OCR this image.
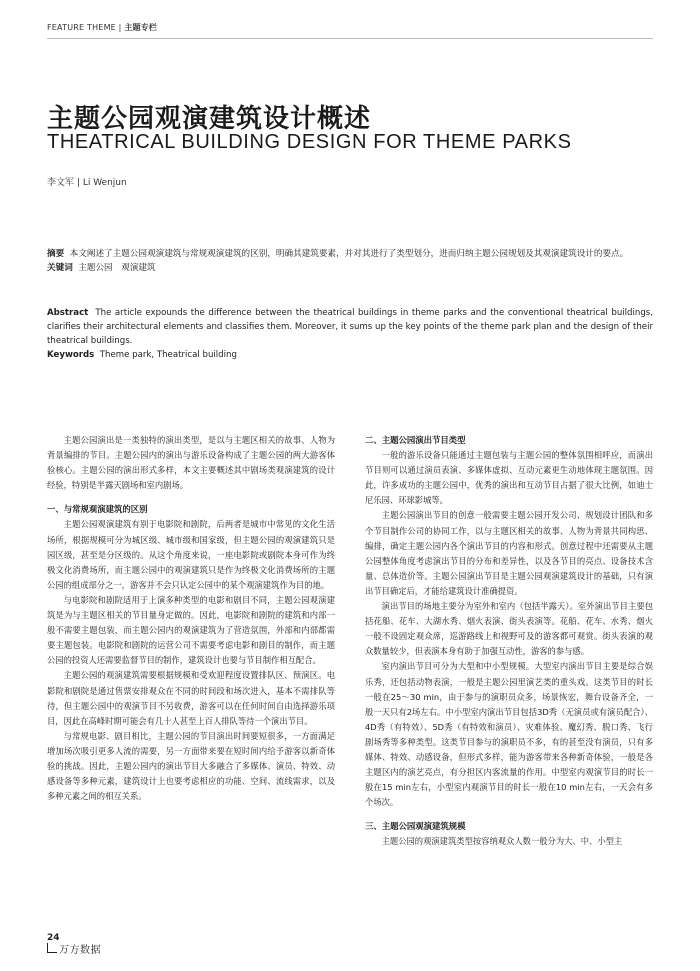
FEATURE THEME | 主题专栏
主题公园观演建筑设计概述
THEATRICAL BUILDING DESIGN FOR THEME PARKS
李文军 | Li Wenjun
摘要 本文阐述了主题公园观演建筑与常规观演建筑的区别，明确其建筑要素，并对其进行了类型划分，进而归纳主题公园规划及其观演建筑设计的要点。
关键词 主题公园　观演建筑
Abstract The article expounds the difference between the theatrical buildings in theme parks and the conventional theatrical buildings, clarifies their architectural elements and classifies them. Moreover, it sums up the key points of the theme park plan and the design of their theatrical buildings.
Keywords Theme park, Theatrical building

主题公园演出是一类独特的演出类型，是以与主题区相关的故事、人物为背景编排的节目。主题公园内的演出与游乐设备构成了主题公园的两大游客体验核心。主题公园的演出形式多样，本文主要概述其中剧场类观演建筑的设计经验，特别是半露天剧场和室内剧场。

一、与常规观演建筑的区别

主题公园观演建筑有别于电影院和剧院，后两者是城市中常见的文化生活场所，根据规模可分为城区级、城市级和国家级，但主题公园的观演建筑只是园区级，甚至是分区级的。从这个角度来说，一座电影院或剧院本身可作为终极文化消费场所，而主题公园中的观演建筑只是作为终极文化消费场所的主题公园的组成部分之一，游客并不会只认定公园中的某个观演建筑作为目的地。

与电影院和剧院适用于上演多种类型的电影和剧目不同，主题公园观演建筑是为与主题区相关的节目量身定做的。因此，电影院和剧院的建筑和内部一般不需要主题包装，而主题公园内的观演建筑为了营造氛围，外部和内部都需要主题包装。电影院和剧院的运营公司不需要考虑电影和剧目的制作，而主题公园的投资人还需要监督节目的制作，建筑设计也要与节目制作相互配合。

主题公园的观演建筑需要根据规模和受欢迎程度设置排队区、预演区。电影院和剧院是通过售票安排观众在不同的时间段和场次进入，基本不需排队等待，但主题公园中的观演节目不另收费，游客可以在任何时间自由选择游乐项目，因此在高峰时期可能会有几十人甚至上百人排队等待一个演出节目。

与常规电影、剧目相比，主题公园的节目演出时间要短很多，一方面满足增加场次吸引更多人流的需要，另一方面带来要在短时间内给予游客以新奇体验的挑战。因此，主题公园内的演出节目大多融合了多媒体、演员、特效、动感设备等多种元素，建筑设计上也要考虑相应的功能、空间、流线需求，以及多种元素之间的相互关系。

二、主题公园演出节目类型

一般的游乐设备只能通过主题包装与主题公园的整体氛围相呼应，而演出节目则可以通过演员表演、多媒体虚拟、互动元素更生动地体现主题氛围。因此，许多成功的主题公园中，优秀的演出和互动节目占据了很大比例，如迪士尼乐园、环球影城等。

主题公园演出节目的创意一般需要主题公园开发公司、规划设计团队和多个节目制作公司的协同工作，以与主题区相关的故事、人物为背景共同构思、编排，确定主题公园内各个演出节目的内容和形式。创意过程中还需要从主题公园整体角度考虑演出节目的分布和差异性，以及各节目的亮点、设备技术含量、总体造价等。主题公园演出节目是主题公园观演建筑设计的基础，只有演出节目确定后，才能给建筑设计准确提资。

演出节目的场地主要分为室外和室内（包括半露天）。室外演出节目主要包括花船、花车、大湖水秀、烟火表演、街头表演等。花船、花车、水秀、烟火一般不设固定观众席，巡游路线上和视野可及的游客都可观赏。街头表演的观众数量较少，但表演本身有助于加强互动性，游客的参与感。

室内演出节目可分为大型和中小型规模。大型室内演出节目主要是综合娱乐秀，还包括动物表演，一般是主题公园里演艺类的重头戏。这类节目的时长一般在25～30 min，由于参与的演职员众多，场景恢宏，舞台设备齐全，一般一天只有2场左右。中小型室内演出节目包括3D秀（无演员或有演员配合）、4D秀（有特效）、5D秀（有特效和演员）、灾难体验、魔幻秀、脱口秀、飞行剧场秀等多种类型。这类节目参与的演职员不多，有的甚至没有演员，只有多媒体、特效、动感设备，但形式多样，能为游客带来各种新奇体验，一般是各主题区内的演艺亮点，有分担区内客流量的作用。中型室内观演节目的时长一般在15 min左右，小型室内观演节目的时长一般在10 min左右，一天会有多个场次。

三、主题公园观演建筑规模

主题公园的观演建筑类型按容纳观众人数一般分为大、中、小型主

24
万方数据
